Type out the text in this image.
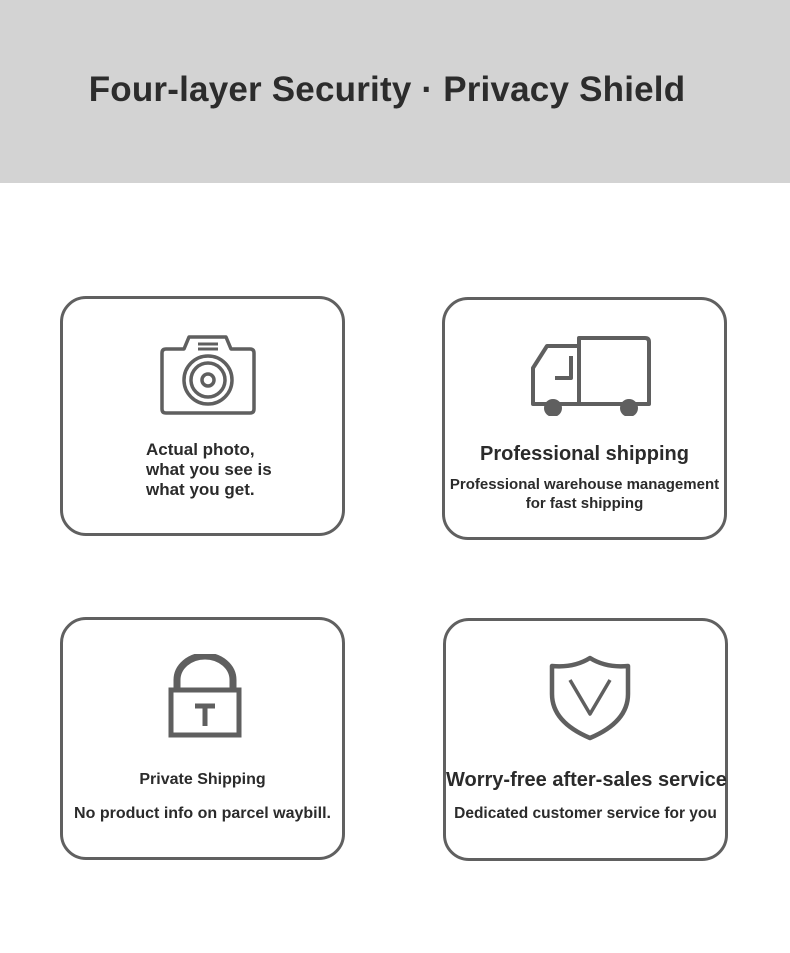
Four-layer Security · Privacy Shield
Actual photo,
what you see is
what you get.
Professional shipping
Professional warehouse management
for fast shipping
Private Shipping
No product info on parcel waybill.
Worry-free after-sales service
Dedicated customer service for you
